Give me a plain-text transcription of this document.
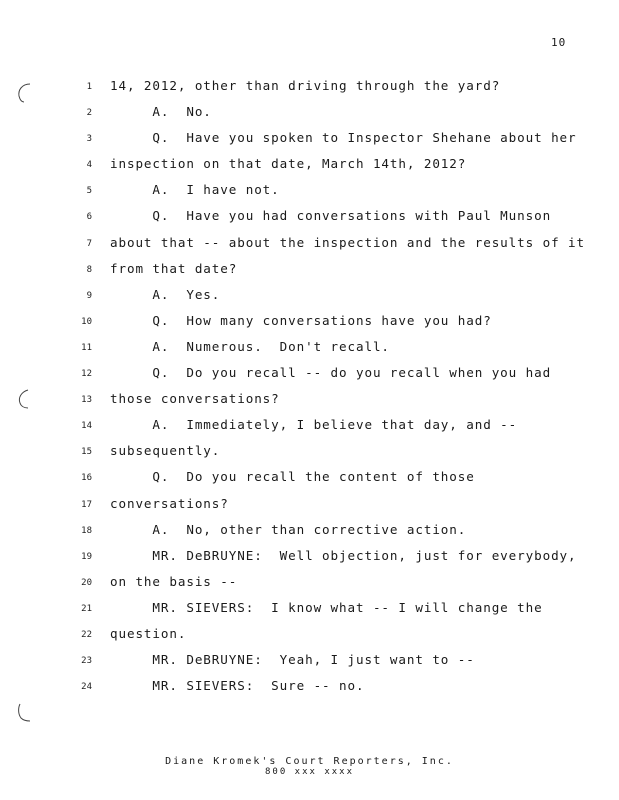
10
1 14, 2012, other than driving through the yard?
2 A.  No.
3 Q.  Have you spoken to Inspector Shehane about her
4 inspection on that date, March 14th, 2012?
5 A.  I have not.
6 Q.  Have you had conversations with Paul Munson
7 about that -- about the inspection and the results of it
8 from that date?
9 A.  Yes.
10 Q.  How many conversations have you had?
11 A.  Numerous.  Don't recall.
12 Q.  Do you recall -- do you recall when you had
13 those conversations?
14 A.  Immediately, I believe that day, and --
15 subsequently.
16 Q.  Do you recall the content of those
17 conversations?
18 A.  No, other than corrective action.
19 MR. DeBRUYNE:  Well objection, just for everybody,
20 on the basis --
21 MR. SIEVERS:  I know what -- I will change the
22 question.
23 MR. DeBRUYNE:  Yeah, I just want to --
24 MR. SIEVERS:  Sure -- no.
Diane Kromek's Court Reporters, Inc.
800 xxx xxxx
